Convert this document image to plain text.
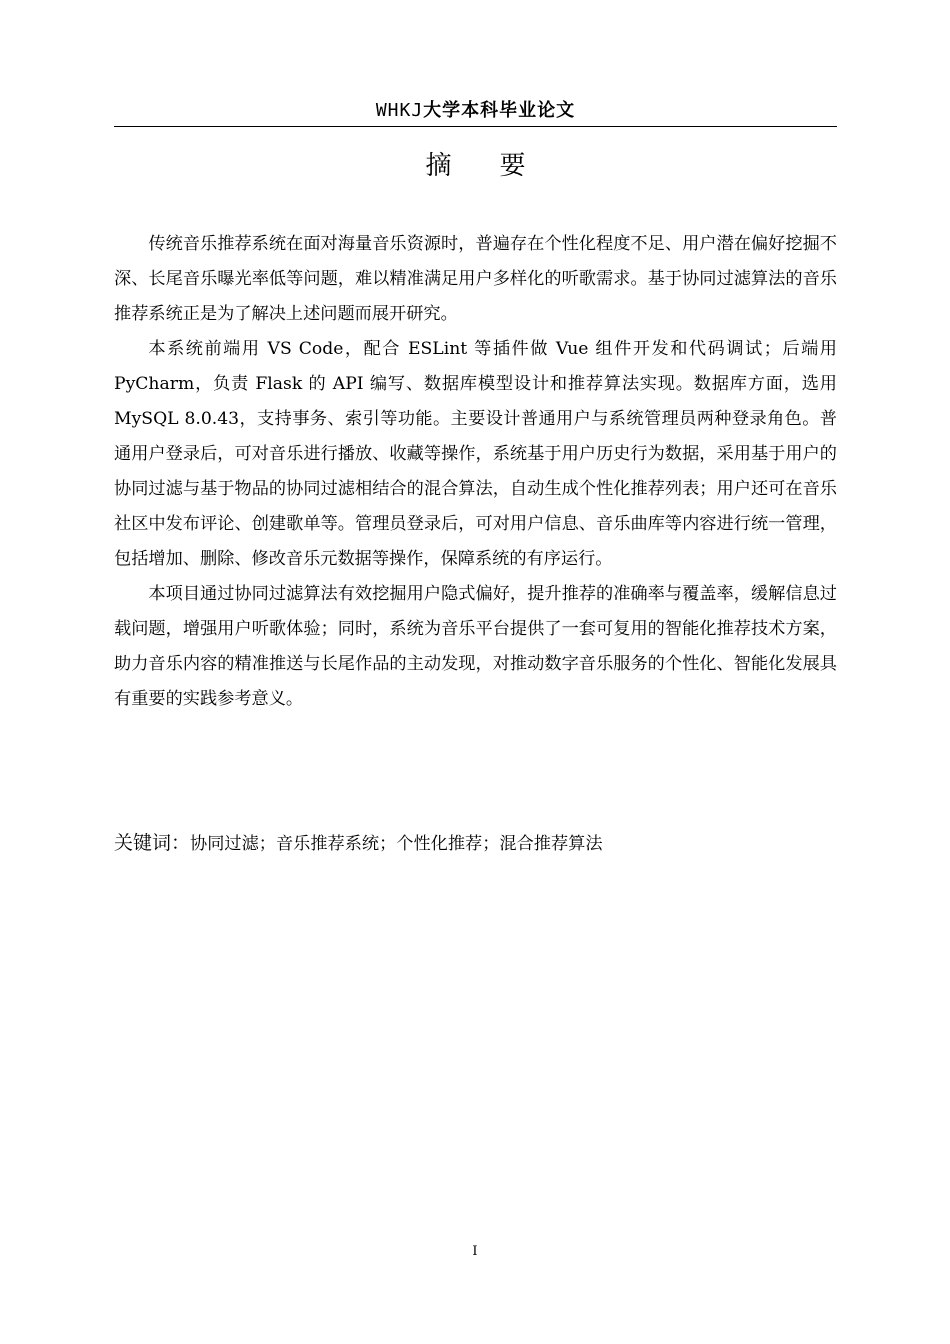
WHKJ大学本科毕业论文
摘要

传统音乐推荐系统在面对海量音乐资源时，普遍存在个性化程度不足、用户潜在偏好挖掘不深、长尾音乐曝光率低等问题，难以精准满足用户多样化的听歌需求。基于协同过滤算法的音乐推荐系统正是为了解决上述问题而展开研究。

本系统前端用 VS Code，配合 ESLint 等插件做 Vue 组件开发和代码调试；后端用 PyCharm，负责 Flask 的 API 编写、数据库模型设计和推荐算法实现。数据库方面，选用 MySQL 8.0.43，支持事务、索引等功能。主要设计普通用户与系统管理员两种登录角色。普通用户登录后，可对音乐进行播放、收藏等操作，系统基于用户历史行为数据，采用基于用户的协同过滤与基于物品的协同过滤相结合的混合算法，自动生成个性化推荐列表；用户还可在音乐社区中发布评论、创建歌单等。管理员登录后，可对用户信息、音乐曲库等内容进行统一管理，包括增加、删除、修改音乐元数据等操作，保障系统的有序运行。

本项目通过协同过滤算法有效挖掘用户隐式偏好，提升推荐的准确率与覆盖率，缓解信息过载问题，增强用户听歌体验；同时，系统为音乐平台提供了一套可复用的智能化推荐技术方案，助力音乐内容的精准推送与长尾作品的主动发现，对推动数字音乐服务的个性化、智能化发展具有重要的实践参考意义。

关键词：协同过滤；音乐推荐系统；个性化推荐；混合推荐算法
I
